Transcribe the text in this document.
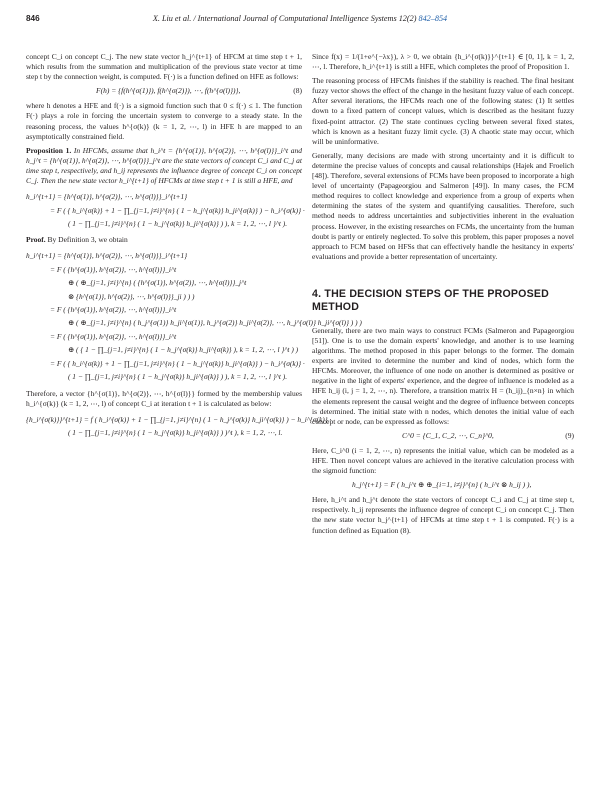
846	X. Liu et al. / International Journal of Computational Intelligence Systems 12(2) 842–854

concept C_i on concept C_j. The new state vector h_j^{t+1} of HFCM at time step t + 1, which results from the summation and multiplication of the previous state vector at time step t by the connection weight, is computed. F(·) is a function defined on HFE as follows:

F(h) = {f(h^{σ(1)}), f(h^{σ(2)}), ⋯, f(h^{σ(l)})},	(8)

where h denotes a HFE and f(·) is a sigmoid function such that 0 ≤ f(·) ≤ 1. The function F(·) plays a role in forcing the uncertain system to converge to a steady state. In the reasoning process, the values h^{σ(k)} (k = 1, 2, ⋯, l) in HFE h are mapped to an asymptotically constrained field.

Proposition 1. In HFCMs, assume that h_i^t = {h^{σ(1)}, h^{σ(2)}, ⋯, h^{σ(l)}}_i^t and h_j^t = {h^{σ(1)}, h^{σ(2)}, ⋯, h^{σ(l)}}_j^t are the state vectors of concept C_i and C_j at time step t, respectively, and h_ij represents the influence degree of concept C_i on concept C_j. Then the new state vector h_i^{t+1} of HFCMs at time step t + 1 is still a HFE, and

h_i^{t+1} = {h^{σ(1)}, h^{σ(2)}, ⋯, h^{σ(l)}}_i^{t+1}
= F ( { h_i^{σ(k)} + 1 − ∏_{j=1, j≠i}^{n} ( 1 − h_j^{σ(k)} h_ji^{σ(k)} ) − h_i^{σ(k)} ·
( 1 − ∏_{j=1, j≠i}^{n} ( 1 − h_j^{σ(k)} h_ji^{σ(k)} ) ), k = 1, 2, ⋯, l }^t ).

Proof. By Definition 3, we obtain

h_i^{t+1} = {h^{σ(1)}, h^{σ(2)}, ⋯, h^{σ(l)}}_i^{t+1}
= F ( {h^{σ(1)}, h^{σ(2)}, ⋯, h^{σ(l)}}_i^t
⊕ ( ⊕_{j=1, j≠i}^{n} ( {h^{σ(1)}, h^{σ(2)}, ⋯, h^{σ(l)}}_j^t
⊗ {h^{σ(1)}, h^{σ(2)}, ⋯, h^{σ(l)}}_ji ) ) )
= F ( {h^{σ(1)}, h^{σ(2)}, ⋯, h^{σ(l)}}_i^t
⊕ ( ⊕_{j=1, j≠i}^{n} ( h_j^{σ(1)} h_ji^{σ(1)}, h_j^{σ(2)} h_ji^{σ(2)}, ⋯, h_j^{σ(l)} h_ji^{σ(l)} ) ) )
= F ( {h^{σ(1)}, h^{σ(2)}, ⋯, h^{σ(l)}}_i^t
⊕ ( { 1 − ∏_{j=1, j≠i}^{n} ( 1 − h_j^{σ(k)} h_ji^{σ(k)} ), k = 1, 2, ⋯, l }^t ) )
= F ( { h_i^{σ(k)} + 1 − ∏_{j=1, j≠i}^{n} ( 1 − h_j^{σ(k)} h_ji^{σ(k)} ) − h_i^{σ(k)} ·
( 1 − ∏_{j=1, j≠i}^{n} ( 1 − h_j^{σ(k)} h_ji^{σ(k)} ) ), k = 1, 2, ⋯, l }^t ).

Therefore, a vector {h^{σ(1)}, h^{σ(2)}, ⋯, h^{σ(l)}} formed by the membership values h_i^{σ(k)} (k = 1, 2, ⋯, l) of concept C_i at iteration t + 1 is calculated as below:

{h_i^{σ(k)}}^{t+1} = f ( h_i^{σ(k)} + 1 − ∏_{j=1, j≠i}^{n} ( 1 − h_j^{σ(k)} h_ji^{σ(k)} ) − h_i^{σ(k)} ·
( 1 − ∏_{j=1, j≠i}^{n} ( 1 − h_j^{σ(k)} h_ji^{σ(k)} ) )^t ), k = 1, 2, ⋯, l.

Since f(x) = 1/(1+e^{−λx}), λ > 0, we obtain {h_i^{σ(k)}}^{t+1} ∈ [0, 1], k = 1, 2, ⋯, l. Therefore, h_i^{t+1} is still a HFE, which completes the proof of Proposition 1.

The reasoning process of HFCMs finishes if the stability is reached. The final hesitant fuzzy vector shows the effect of the change in the hesitant fuzzy value of each concept. After several iterations, the HFCMs reach one of the following states: (1) It settles down to a fixed pattern of concept values, which is described as the hesitant fuzzy fixed-point attractor. (2) The state continues cycling between several fixed states, which is known as a hesitant fuzzy limit cycle. (3) A chaotic state may occur, which will be uninformative.

Generally, many decisions are made with strong uncertainty and it is difficult to determine the precise values of concepts and causal relationships (Hajek and Froelich [48]). Therefore, several extensions of FCMs have been proposed to incorporate a high level of uncertainty (Papageorgiou and Salmeron [49]). In many cases, the FCM method requires to collect knowledge and experience from a group of experts when determining the states of the system and quantifying causalities. Therefore, such method needs to address uncertainties and subjectivities inherent in the evaluation process. However, in the existing researches on FCMs, the uncertainty from the human doubt is partly or entirely neglected. To solve this problem, this paper proposes a novel approach to FCM based on HFSs that can effectively handle the hesitancy in experts' evaluations and provide a better representation of uncertainty.

4. THE DECISION STEPS OF THE PROPOSED METHOD

Generally, there are two main ways to construct FCMs (Salmeron and Papageorgiou [51]). One is to use the domain experts' knowledge, and another is to use learning algorithms. The method proposed in this paper belongs to the former. The domain experts are invited to determine the number and kind of nodes, which form the HFCMs. Moreover, the influence of one node on another is determined as positive or negative in the light of experts' experience, and the degree of influence is modeled as a HFE h_ij (i, j = 1, 2, ⋯, n). Therefore, a transition matrix H = (h_ij)_{n×n} in which the elements represent the causal weight and the degree of influence between concepts is determined. The initial state with n nodes, which denotes the initial value of each concept or node, can be expressed as follows:

C^0 = {C_1, C_2, ⋯, C_n}^0,	(9)

Here, C_i^0 (i = 1, 2, ⋯, n) represents the initial value, which can be modeled as a HFE. Then novel concept values are achieved in the iterative calculation process with the sigmoid function:

h_j^{t+1} = F ( h_j^t ⊕ ⊕_{i=1, i≠j}^{n} ( h_i^t ⊗ h_ij ) ),

Here, h_i^t and h_j^t denote the state vectors of concept C_i and C_j at time step t, respectively. h_ij represents the influence degree of concept C_i on concept C_j. Then the new state vector h_j^{t+1} of HFCMs at time step t + 1 is computed. F(·) is a function defined as Equation (8).
